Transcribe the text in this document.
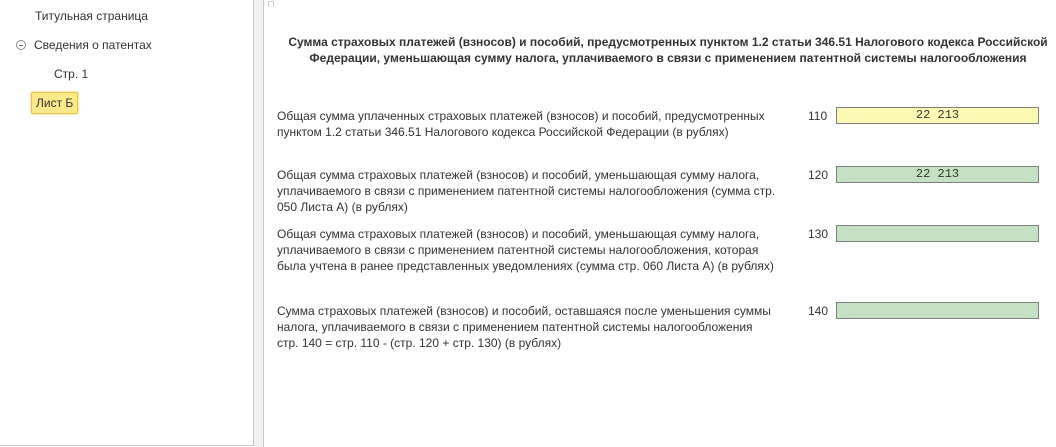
Титульная страница
Сведения о патентах
Стр. 1
Лист Б
Сумма страховых платежей (взносов) и пособий, предусмотренных пунктом 1.2 статьи 346.51 Налогового кодекса Российской Федерации, уменьшающая сумму налога, уплачиваемого в связи с применением патентной системы налогообложения
Общая сумма уплаченных страховых платежей (взносов) и пособий, предусмотренных пунктом 1.2 статьи 346.51 Налогового кодекса Российской Федерации (в рублях)
110	22 213
Общая сумма страховых платежей (взносов) и пособий, уменьшающая сумму налога, уплачиваемого в связи с применением патентной системы налогообложения (сумма стр. 050 Листа А) (в рублях)
120	22 213
Общая сумма страховых платежей (взносов) и пособий, уменьшающая сумму налога, уплачиваемого в связи с применением патентной системы налогообложения, которая была учтена в ранее представленных уведомлениях (сумма стр. 060 Листа А) (в рублях)
130
Сумма страховых платежей (взносов) и пособий, оставшаяся после уменьшения суммы налога, уплачиваемого в связи с применением патентной системы налогообложения стр. 140 = стр. 110 - (стр. 120 + стр. 130) (в рублях)
140
